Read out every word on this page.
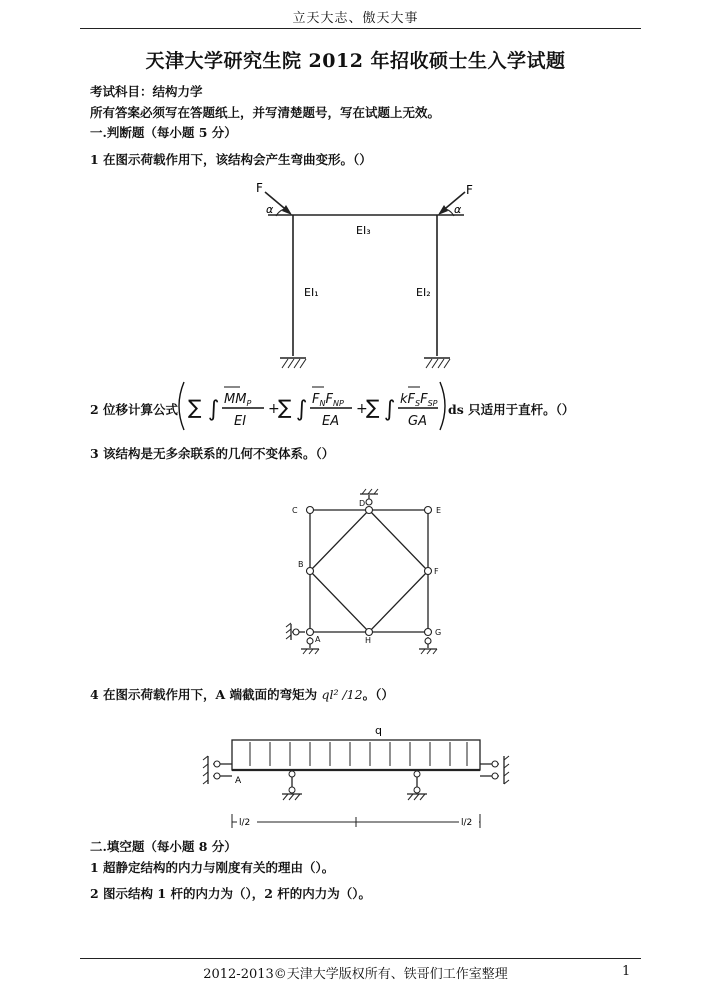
立天大志、傲天大事
天津大学研究生院 2012 年招收硕士生入学试题
考试科目：结构力学
所有答案必须写在答题纸上，并写清楚题号，写在试题上无效。
一.判断题（每小题 5 分）
1 在图示荷载作用下，该结构会产生弯曲变形。（）
F	F
α	α
EI₃
EI₁	EI₂
2 位移计算公式 ∑ ∫	+
∑ ∫	+
∑ ∫
$MM_P$
EI
$F_NF_{NP}$
EA
$kF_SF_{SP}$
GA
ds 只适用于直杆。（）
3 该结构是无多余联系的几何不变体系。（）
A
B
C
D
E
F
G
H
4 在图示荷载作用下，A 端截面的弯矩为 ql² /12。（）
q
A
l/2	l/2
二.填空题（每小题 8 分）
1 超静定结构的内力与刚度有关的理由（）。
2 图示结构 1 杆的内力为（），2 杆的内力为（）。
2012-2013©天津大学版权所有、铁哥们工作室整理	1
